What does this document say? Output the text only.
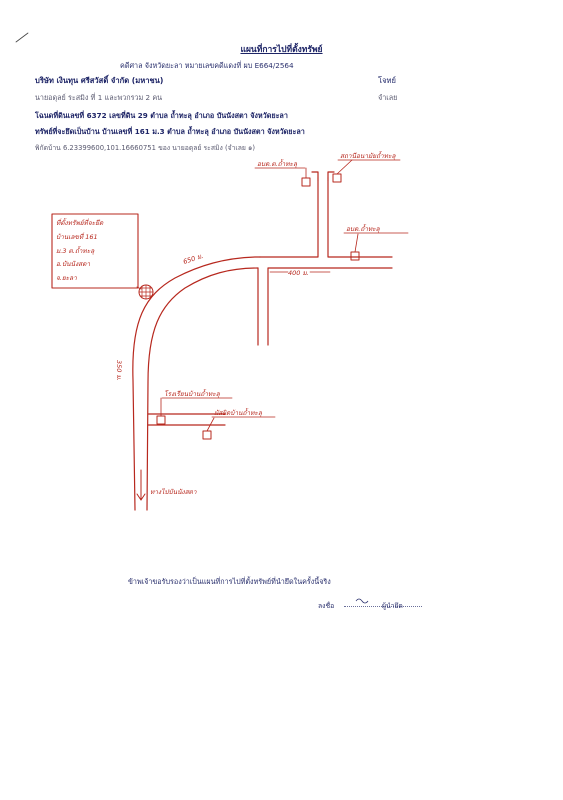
ที่ตั้งทรัพย์ที่จะยึด
บ้านเลขที่ 161
ม.3 ต.ถ้ำทะลุ
อ.บันนังสตา
จ.ยะลา
อบต.ต.ถ้ำทะลุ
สถานีอนามัยถ้ำทะลุ
อบต.ถ้ำทะลุ
โรงเรียนบ้านถ้ำทะลุ
มัสยิดบ้านถ้ำทะลุ
ทางไปบันนังสตา
650 ม.
400 ม.
350 ม.
แผนที่การไปที่ตั้งทรัพย์
คดีศาล จังหวัดยะลา หมายเลขคดีแดงที่ ผบ E664/2564
บริษัท เงินทุน ศรีสวัสดิ์ จำกัด (มหาชน)	โจทย์
นายอดุลย์ ระสมิง ที่ 1 และพวกรวม 2 คน	จำเลย
โฉนดที่ดินเลขที่ 6372 เลขที่ดิน 29 ตำบล ถ้ำทะลุ อำเภอ บันนังสตา จังหวัดยะลา
ทรัพย์ที่จะยึดเป็นบ้าน บ้านเลขที่ 161 ม.3 ตำบล ถ้ำทะลุ อำเภอ บันนังสตา จังหวัดยะลา
พิกัดบ้าน 6.23399600,101.16660751 ของ นายอดุลย์ ระสมิง (จำเลย ๑)
ข้าพเจ้าขอรับรองว่าเป็นแผนที่การไปที่ตั้งทรัพย์ที่นำยึดในครั้งนี้จริง
ลงชื่อ	ผู้นำยึด
